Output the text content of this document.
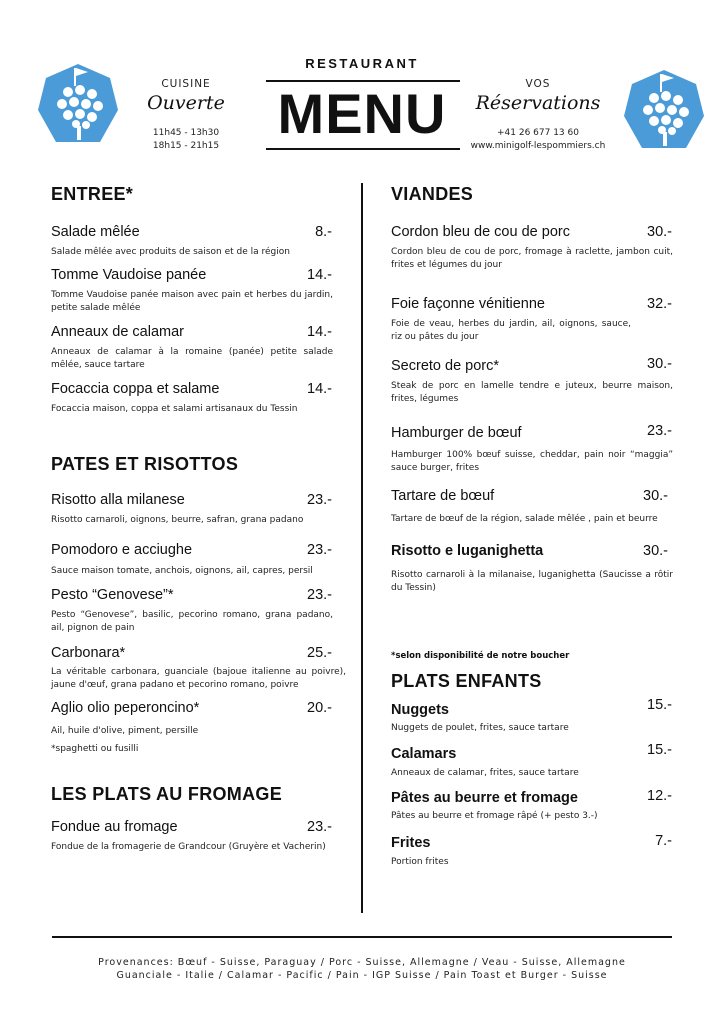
CUISINE
Ouverte
11h45 - 13h30
18h15 - 21h15
RESTAURANT
MENU	VOS
Réservations
+41 26 677 13 60
www.minigolf-lespommiers.ch
ENTREE*
Salade mêlée	8.-
Salade mêlée avec produits de saison et de la région
Tomme Vaudoise panée	14.-
Tomme Vaudoise panée maison avec pain et herbes du jardin, petite salade mêlée
Anneaux de calamar	14.-
Anneaux de calamar à la romaine (panée) petite salade mêlée, sauce tartare
Focaccia coppa et salame	14.-
Focaccia maison, coppa et salami artisanaux du Tessin
PATES ET RISOTTOS
Risotto alla milanese	23.-
Risotto carnaroli, oignons, beurre, safran, grana padano
Pomodoro e acciughe	23.-
Sauce maison tomate, anchois, oignons, ail, capres, persil
Pesto “Genovese”*	23.-
Pesto “Genovese”, basilic, pecorino romano, grana padano, ail, pignon de pain
Carbonara*	25.-
La véritable carbonara, guanciale (bajoue italienne au poivre), jaune d'œuf, grana padano et pecorino romano, poivre
Aglio olio peperoncino*	20.-
Ail, huile d'olive, piment, persille
*spaghetti ou fusilli
LES PLATS AU FROMAGE
Fondue au fromage	23.-
Fondue de la fromagerie de Grandcour (Gruyère et Vacherin)
VIANDES
Cordon bleu de cou de porc	30.-
Cordon bleu de cou de porc, fromage à raclette, jambon cuit, frites et légumes du jour
Foie façonne vénitienne	32.-
Foie de veau, herbes du jardin, ail, oignons, sauce, riz ou pâtes du jour
Secreto de porc*	30.-
Steak de porc en lamelle tendre e juteux, beurre maison, frites, légumes
Hamburger de bœuf	23.-
Hamburger 100% bœuf suisse, cheddar, pain noir “maggia” sauce burger, frites
Tartare de bœuf	30.-
Tartare de bœuf de la région, salade mêlée , pain et beurre
Risotto e luganighetta	30.-
Risotto carnaroli à la milanaise, luganighetta (Saucisse a rôtir du Tessin)
*selon disponibilité de notre boucher
PLATS ENFANTS
Nuggets	15.-
Nuggets de poulet, frites, sauce tartare
Calamars	15.-
Anneaux de calamar, frites, sauce tartare
Pâtes au beurre et fromage	12.-
Pâtes au beurre et fromage râpé (+ pesto 3.-)
Frites	7.-
Portion frites
Provenances: Bœuf - Suisse, Paraguay / Porc - Suisse, Allemagne / Veau - Suisse, Allemagne
Guanciale - Italie / Calamar - Pacific / Pain - IGP Suisse / Pain Toast et Burger - Suisse
